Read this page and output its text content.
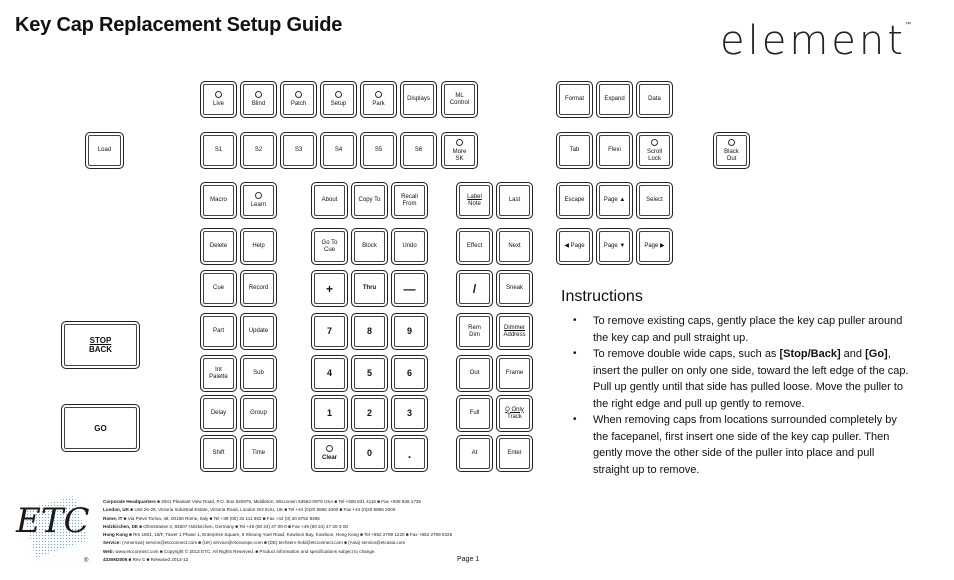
Key Cap Replacement Setup Guide	element ™
Live	Blind	Patch	Setup	Park
Displays
ML
Control
Load	S1	S2	S3	S4	S5	S6	More
SK
Format	Expand	Data
Tab	Flexi	Scroll
Lock
Black
Out
Macro
Learn
About	Copy To
Recall
From
Label
Note
Last	Escape	Page ▲	Select
Delete	Help
Go To
Cue
Block	Undo	Effect	Next	◀ Page	Page ▼	Page ▶
Cue	Record	+	Thru —	/	Sneak
STOP
BACK
Part	Update	7	8	9	Rem
Dim
Dimmer
Address
Int
Palette
Sub	4	5	6	Out	Frame
GO
Delay	Group	1	2	3	Full
Q Only
Track
Shift	Time
Clear	0	.	At	Enter
Instructions
• To remove existing caps, gently place the key cap puller around the key cap and pull straight up.
• To remove double wide caps, such as [Stop/Back] and [Go], insert the puller on only one side, toward the left edge of the cap. Pull up gently until that side has pulled loose. Move the puller to the right edge and pull up gently to remove.
• When removing caps from locations surrounded completely by the facepanel, first insert one side of the key cap puller. Then gently move the other side of the puller into place and pull straight up to remove.
ETC
®
Corporate Headquarters ■ 3031 Pleasant View Road, P.O. Box 620979, Middleton, Wisconsin 53562-0979 USA ■ Tel +608 831 4116 ■ Fax +608 836 1736
London, UK ■ Unit 26-28, Victoria Industrial Estate, Victoria Road, London W3 6UU, UK ■ Tel +44 (0)20 8896 1000 ■ Fax +44 (0)20 8896 2000
Rome, IT ■ Via Pieve Torina, 48, 00156 Rome, Italy ■ Tel +39 (06) 32 111 683 ■ Fax +44 (0) 20 8752 8486
Holzkirchen, DE ■ Ohmstrasse 3, 83607 Holzkirchen, Germany ■ Tel +49 (80 24) 47 00-0 ■ Fax +49 (80 24) 47 00-3 00
Hong Kong ■ Rm 1801, 18/F, Tower 1 Phase 1, Enterprise Square, 9 Sheung Yuet Road, Kowloon Bay, Kowloon, Hong Kong ■ Tel +852 2799 1220 ■ Fax +852 2799 9325
Service: (Americas) service@etcconnect.com ■ (UK) service@etceurope.com ■ (DE) techserv-hoki@etcconnect.com ■ (Asia) service@etcasia.com
Web: www.etcconnect.com ■ Copyright © 2013 ETC. All Rights Reserved. ■ Product information and specifications subject to change.
4330M2006 ■ Rev C ■ Released 2013-12	Page 1
